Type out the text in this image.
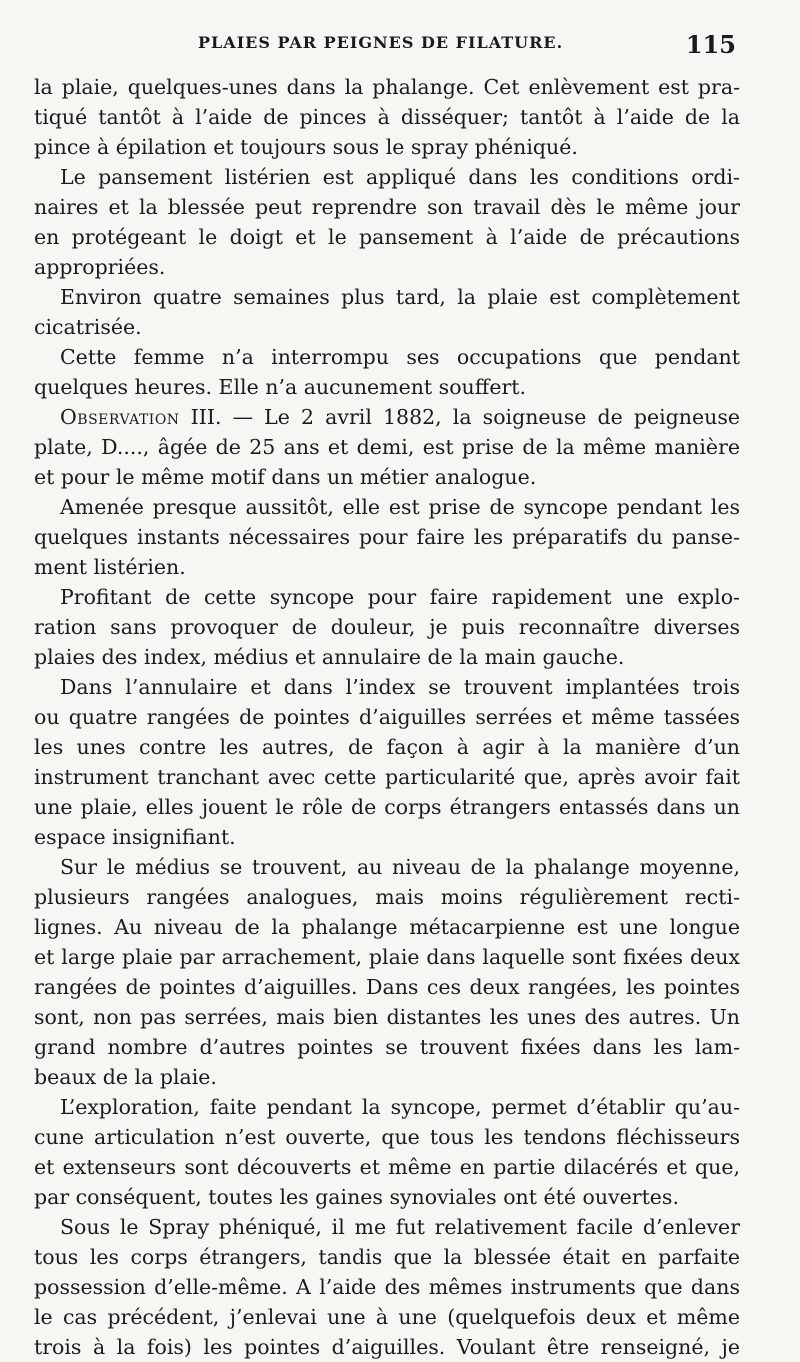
PLAIES PAR PEIGNES DE FILATURE.	115
la plaie, quelques-unes dans la phalange. Cet enlèvement est pra-
tiqué tantôt à l’aide de pinces à disséquer; tantôt à l’aide de la
pince à épilation et toujours sous le spray phéniqué.
Le pansement listérien est appliqué dans les conditions ordi-
naires et la blessée peut reprendre son travail dès le même jour
en protégeant le doigt et le pansement à l’aide de précautions
appropriées.
Environ quatre semaines plus tard, la plaie est complètement
cicatrisée.
Cette femme n’a interrompu ses occupations que pendant
quelques heures. Elle n’a aucunement souffert.
Observation III. — Le 2 avril 1882, la soigneuse de peigneuse
plate, D...., âgée de 25 ans et demi, est prise de la même manière
et pour le même motif dans un métier analogue.
Amenée presque aussitôt, elle est prise de syncope pendant les
quelques instants nécessaires pour faire les préparatifs du panse-
ment listérien.
Profitant de cette syncope pour faire rapidement une explo-
ration sans provoquer de douleur, je puis reconnaître diverses
plaies des index, médius et annulaire de la main gauche.
Dans l’annulaire et dans l’index se trouvent implantées trois
ou quatre rangées de pointes d’aiguilles serrées et même tassées
les unes contre les autres, de façon à agir à la manière d’un
instrument tranchant avec cette particularité que, après avoir fait
une plaie, elles jouent le rôle de corps étrangers entassés dans un
espace insignifiant.
Sur le médius se trouvent, au niveau de la phalange moyenne,
plusieurs rangées analogues, mais moins régulièrement recti-
lignes. Au niveau de la phalange métacarpienne est une longue
et large plaie par arrachement, plaie dans laquelle sont fixées deux
rangées de pointes d’aiguilles. Dans ces deux rangées, les pointes
sont, non pas serrées, mais bien distantes les unes des autres. Un
grand nombre d’autres pointes se trouvent fixées dans les lam-
beaux de la plaie.
L’exploration, faite pendant la syncope, permet d’établir qu’au-
cune articulation n’est ouverte, que tous les tendons fléchisseurs
et extenseurs sont découverts et même en partie dilacérés et que,
par conséquent, toutes les gaines synoviales ont été ouvertes.
Sous le Spray phéniqué, il me fut relativement facile d’enlever
tous les corps étrangers, tandis que la blessée était en parfaite
possession d’elle-même. A l’aide des mêmes instruments que dans
le cas précédent, j’enlevai une à une (quelquefois deux et même
trois à la fois) les pointes d’aiguilles. Voulant être renseigné, je
